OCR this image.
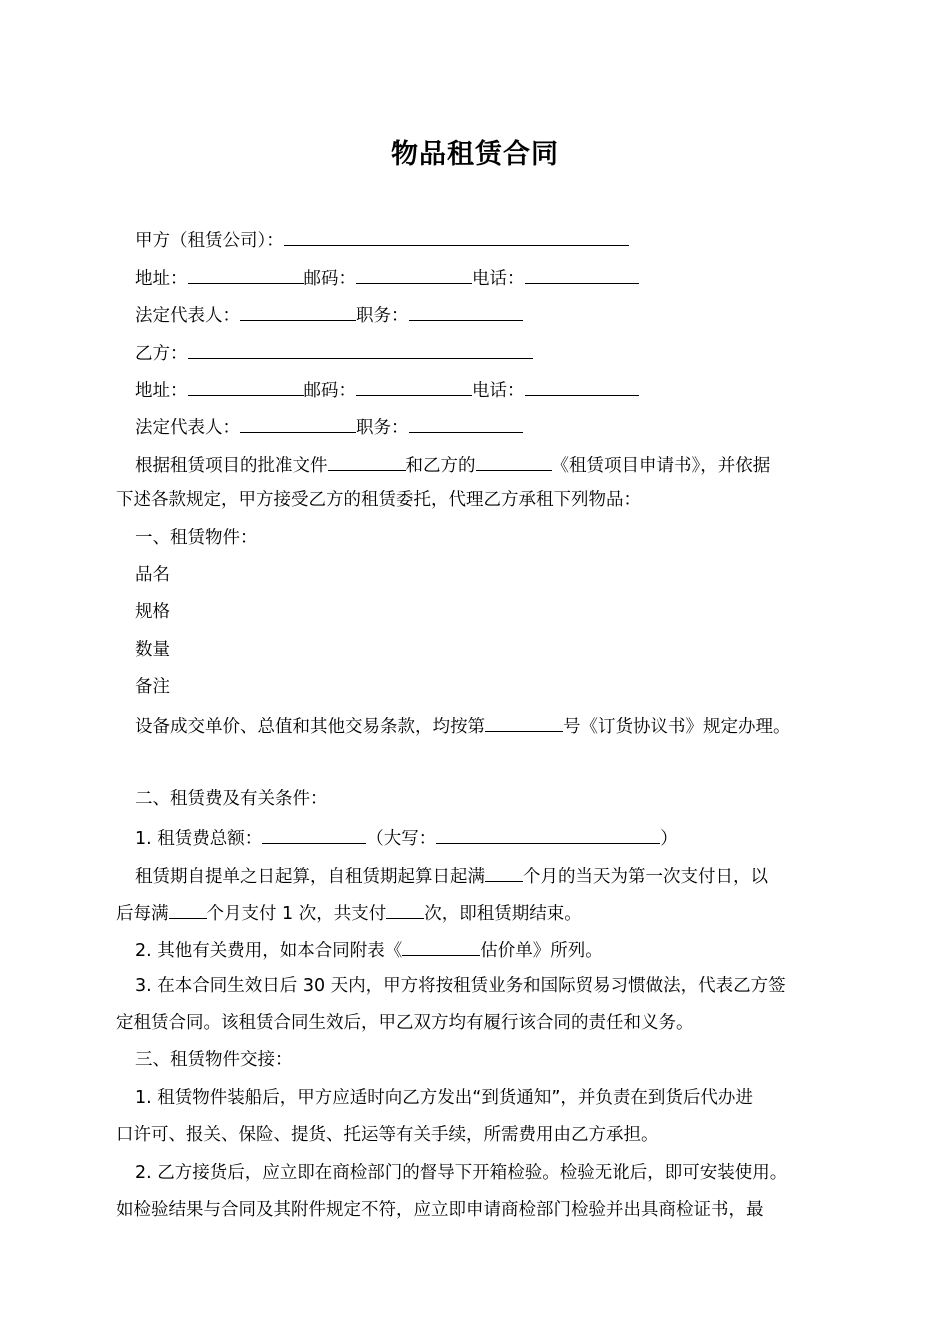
物品租赁合同
甲方（租赁公司）：
地址：	邮码：	电话：
法定代表人：	职务：
乙方：
地址：	邮码：	电话：
法定代表人：	职务：
根据租赁项目的批准文件	和乙方的	《租赁项目申请书》，并依据
下述各款规定，甲方接受乙方的租赁委托，代理乙方承租下列物品：
一、租赁物件：
品名
规格
数量
备注
设备成交单价、总值和其他交易条款，均按第	号《订货协议书》规定办理。
二、租赁费及有关条件：
1. 租赁费总额：	（大写：	）
租赁期自提单之日起算，自租赁期起算日起满 个月的当天为第一次支付日，以
后每满 个月支付 1 次，共支付 次，即租赁期结束。
2. 其他有关费用，如本合同附表《	估价单》所列。
3. 在本合同生效日后 30 天内，甲方将按租赁业务和国际贸易习惯做法，代表乙方签
定租赁合同。该租赁合同生效后，甲乙双方均有履行该合同的责任和义务。
三、租赁物件交接：
1. 租赁物件装船后，甲方应适时向乙方发出“到货通知”，并负责在到货后代办进
口许可、报关、保险、提货、托运等有关手续，所需费用由乙方承担。
2. 乙方接货后，应立即在商检部门的督导下开箱检验。检验无讹后，即可安装使用。
如检验结果与合同及其附件规定不符，应立即申请商检部门检验并出具商检证书，最
